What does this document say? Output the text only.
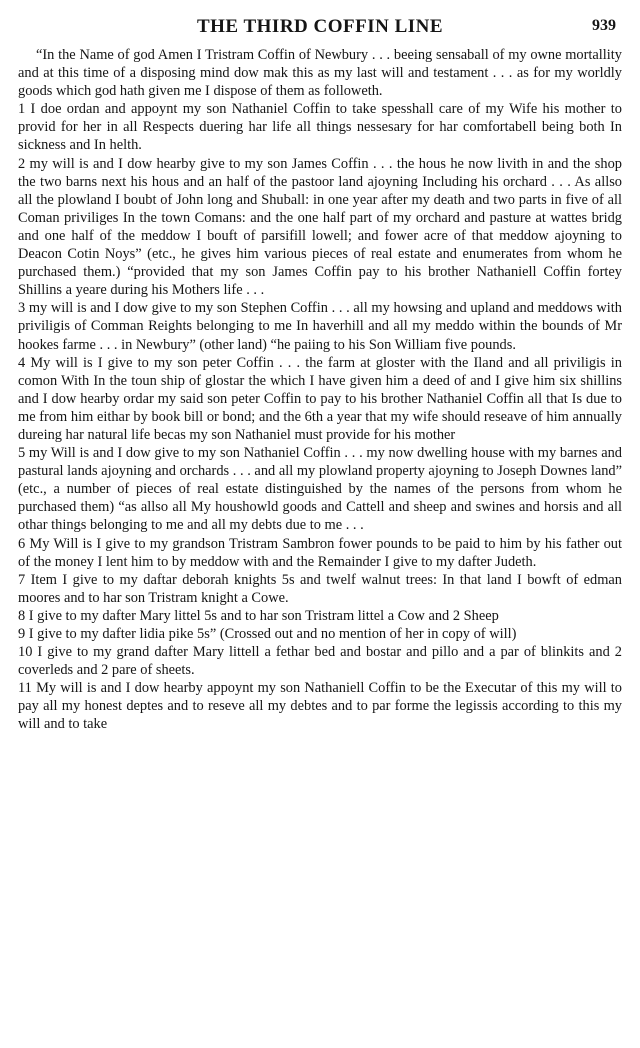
THE THIRD COFFIN LINE	939

“In the Name of god Amen I Tristram Coffin of Newbury . . . beeing sensaball of my owne mortallity and at this time of a disposing mind dow mak this as my last will and testament . . . as for my worldly goods which god hath given me I dispose of them as followeth.

1 I doe ordan and appoynt my son Nathaniel Coffin to take spesshall care of my Wife his mother to provid for her in all Respects duering har life all things nessesary for har comfortabell being both In sickness and In helth.

2 my will is and I dow hearby give to my son James Coffin . . . the hous he now livith in and the shop the two barns next his hous and an half of the pastoor land ajoyning Including his orchard . . . As allso all the plowland I boubt of John long and Shuball: in one year after my death and two parts in five of all Coman priviliges In the town Comans: and the one half part of my orchard and pasture at wattes bridg and one half of the meddow I bouft of parsifill lowell; and fower acre of that meddow ajoyning to Deacon Cotin Noys” (etc., he gives him various pieces of real estate and enumerates from whom he purchased them.) “provided that my son James Coffin pay to his brother Nathaniell Coffin fortey Shillins a yeare during his Mothers life . . .

3 my will is and I dow give to my son Stephen Coffin . . . all my howsing and upland and meddows with priviligis of Comman Reights belonging to me In haverhill and all my meddo within the bounds of Mr hookes farme . . . in Newbury” (other land) “he paiing to his Son William five pounds.

4 My will is I give to my son peter Coffin . . . the farm at gloster with the Iland and all priviligis in comon With In the toun ship of glostar the which I have given him a deed of and I give him six shillins and I dow hearby ordar my said son peter Coffin to pay to his brother Nathaniel Coffin all that Is due to me from him eithar by book bill or bond; and the 6th a year that my wife should reseave of him annually dureing har natural life becas my son Nathaniel must provide for his mother

5 my Will is and I dow give to my son Nathaniel Coffin . . . my now dwelling house with my barnes and pastural lands ajoyning and orchards . . . and all my plowland property ajoyning to Joseph Downes land” (etc., a number of pieces of real estate distinguished by the names of the persons from whom he purchased them) “as allso all My houshowld goods and Cattell and sheep and swines and horsis and all othar things belonging to me and all my debts due to me . . .

6 My Will is I give to my grandson Tristram Sambron fower pounds to be paid to him by his father out of the money I lent him to by meddow with and the Remainder I give to my dafter Judeth.

7 Item I give to my daftar deborah knights 5s and twelf walnut trees: In that land I bowft of edman moores and to har son Tristram knight a Cowe.

8 I give to my dafter Mary littel 5s and to har son Tristram littel a Cow and 2 Sheep

9 I give to my dafter lidia pike 5s” (Crossed out and no mention of her in copy of will)

10 I give to my grand dafter Mary littell a fethar bed and bostar and pillo and a par of blinkits and 2 coverleds and 2 pare of sheets.

11 My will is and I dow hearby appoynt my son Nathaniell Coffin to be the Executar of this my will to pay all my honest deptes and to reseve all my debtes and to par forme the legissis according to this my will and to take
